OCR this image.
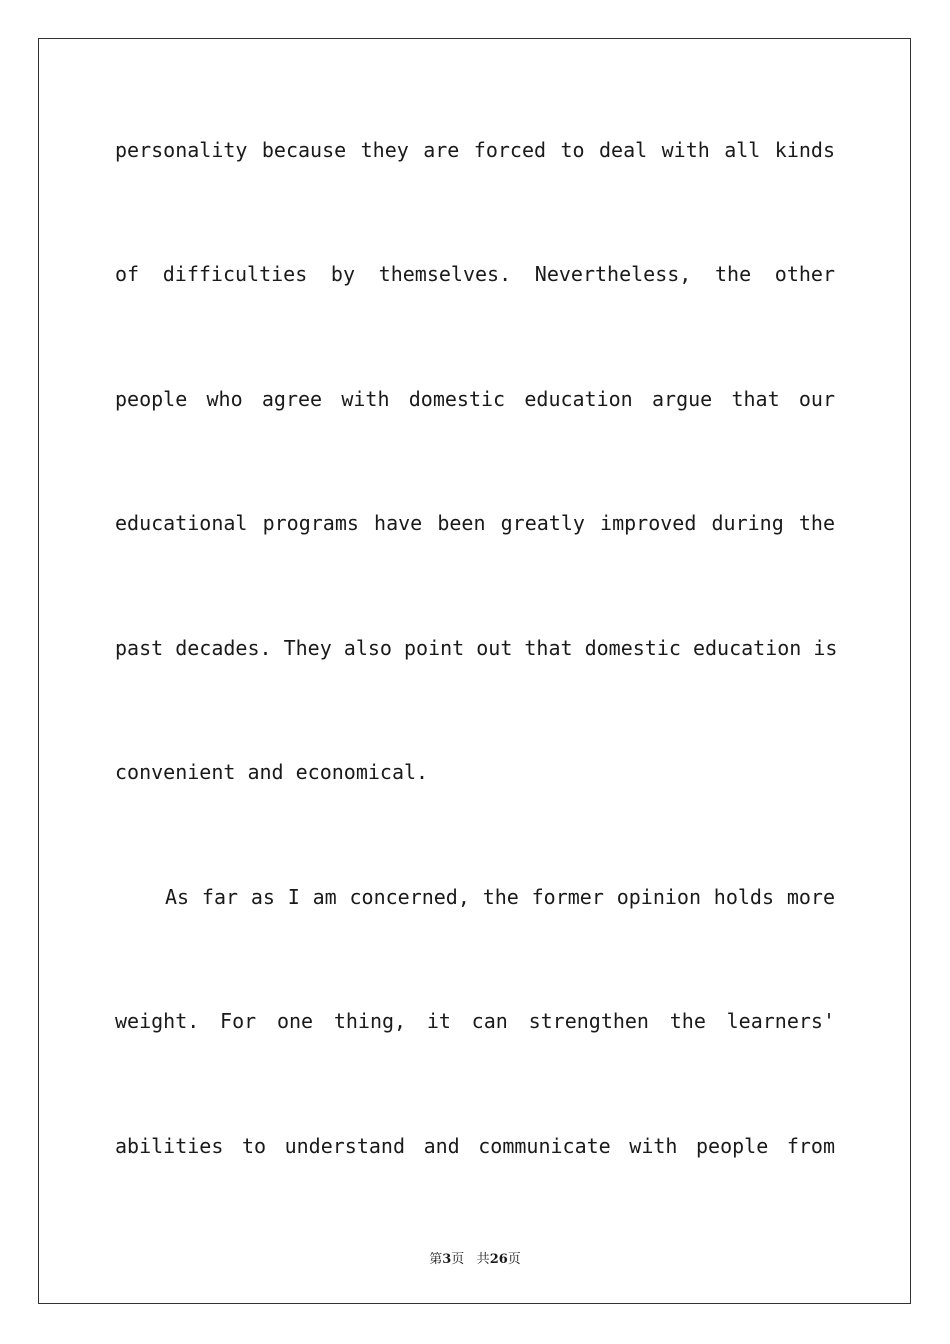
personality because they are forced to deal with all kinds

of difficulties by themselves. Nevertheless, the other

people who agree with domestic education argue that our

educational programs have been greatly improved during the

past decades. They also point out that domestic education is

convenient and economical.

As far as I am concerned, the former opinion holds more

weight. For one thing, it can strengthen the learners'

abilities to understand and communicate with people from

第3页 共26页
